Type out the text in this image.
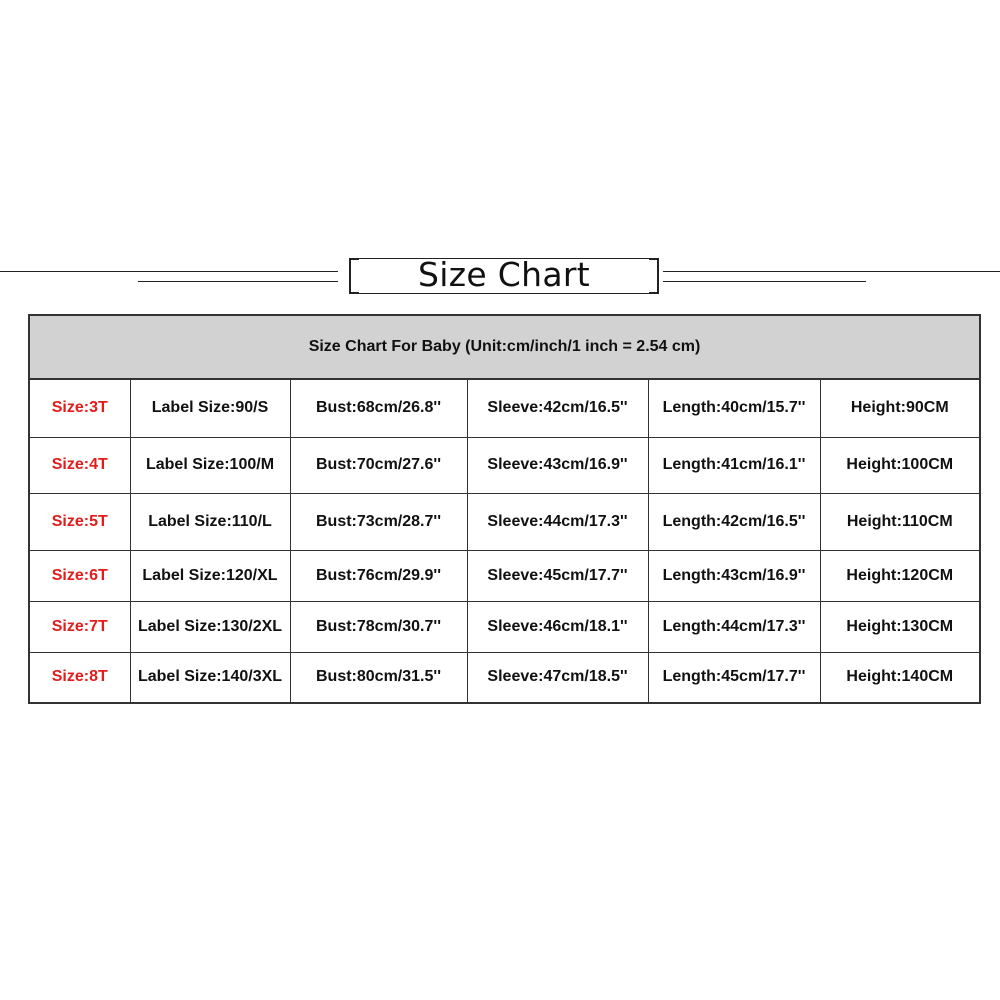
Size Chart
Size Chart For Baby (Unit:cm/inch/1 inch = 2.54 cm)					
Size:3T	Label Size:90/S	Bust:68cm/26.8''	Sleeve:42cm/16.5''	Length:40cm/15.7''	Height:90CM
Size:4T	Label Size:100/M	Bust:70cm/27.6''	Sleeve:43cm/16.9''	Length:41cm/16.1''	Height:100CM
Size:5T	Label Size:110/L	Bust:73cm/28.7''	Sleeve:44cm/17.3''	Length:42cm/16.5''	Height:110CM
Size:6T	Label Size:120/XL	Bust:76cm/29.9''	Sleeve:45cm/17.7''	Length:43cm/16.9''	Height:120CM
Size:7T	Label Size:130/2XL	Bust:78cm/30.7''	Sleeve:46cm/18.1''	Length:44cm/17.3''	Height:130CM
Size:8T	Label Size:140/3XL	Bust:80cm/31.5''	Sleeve:47cm/18.5''	Length:45cm/17.7''	Height:140CM
